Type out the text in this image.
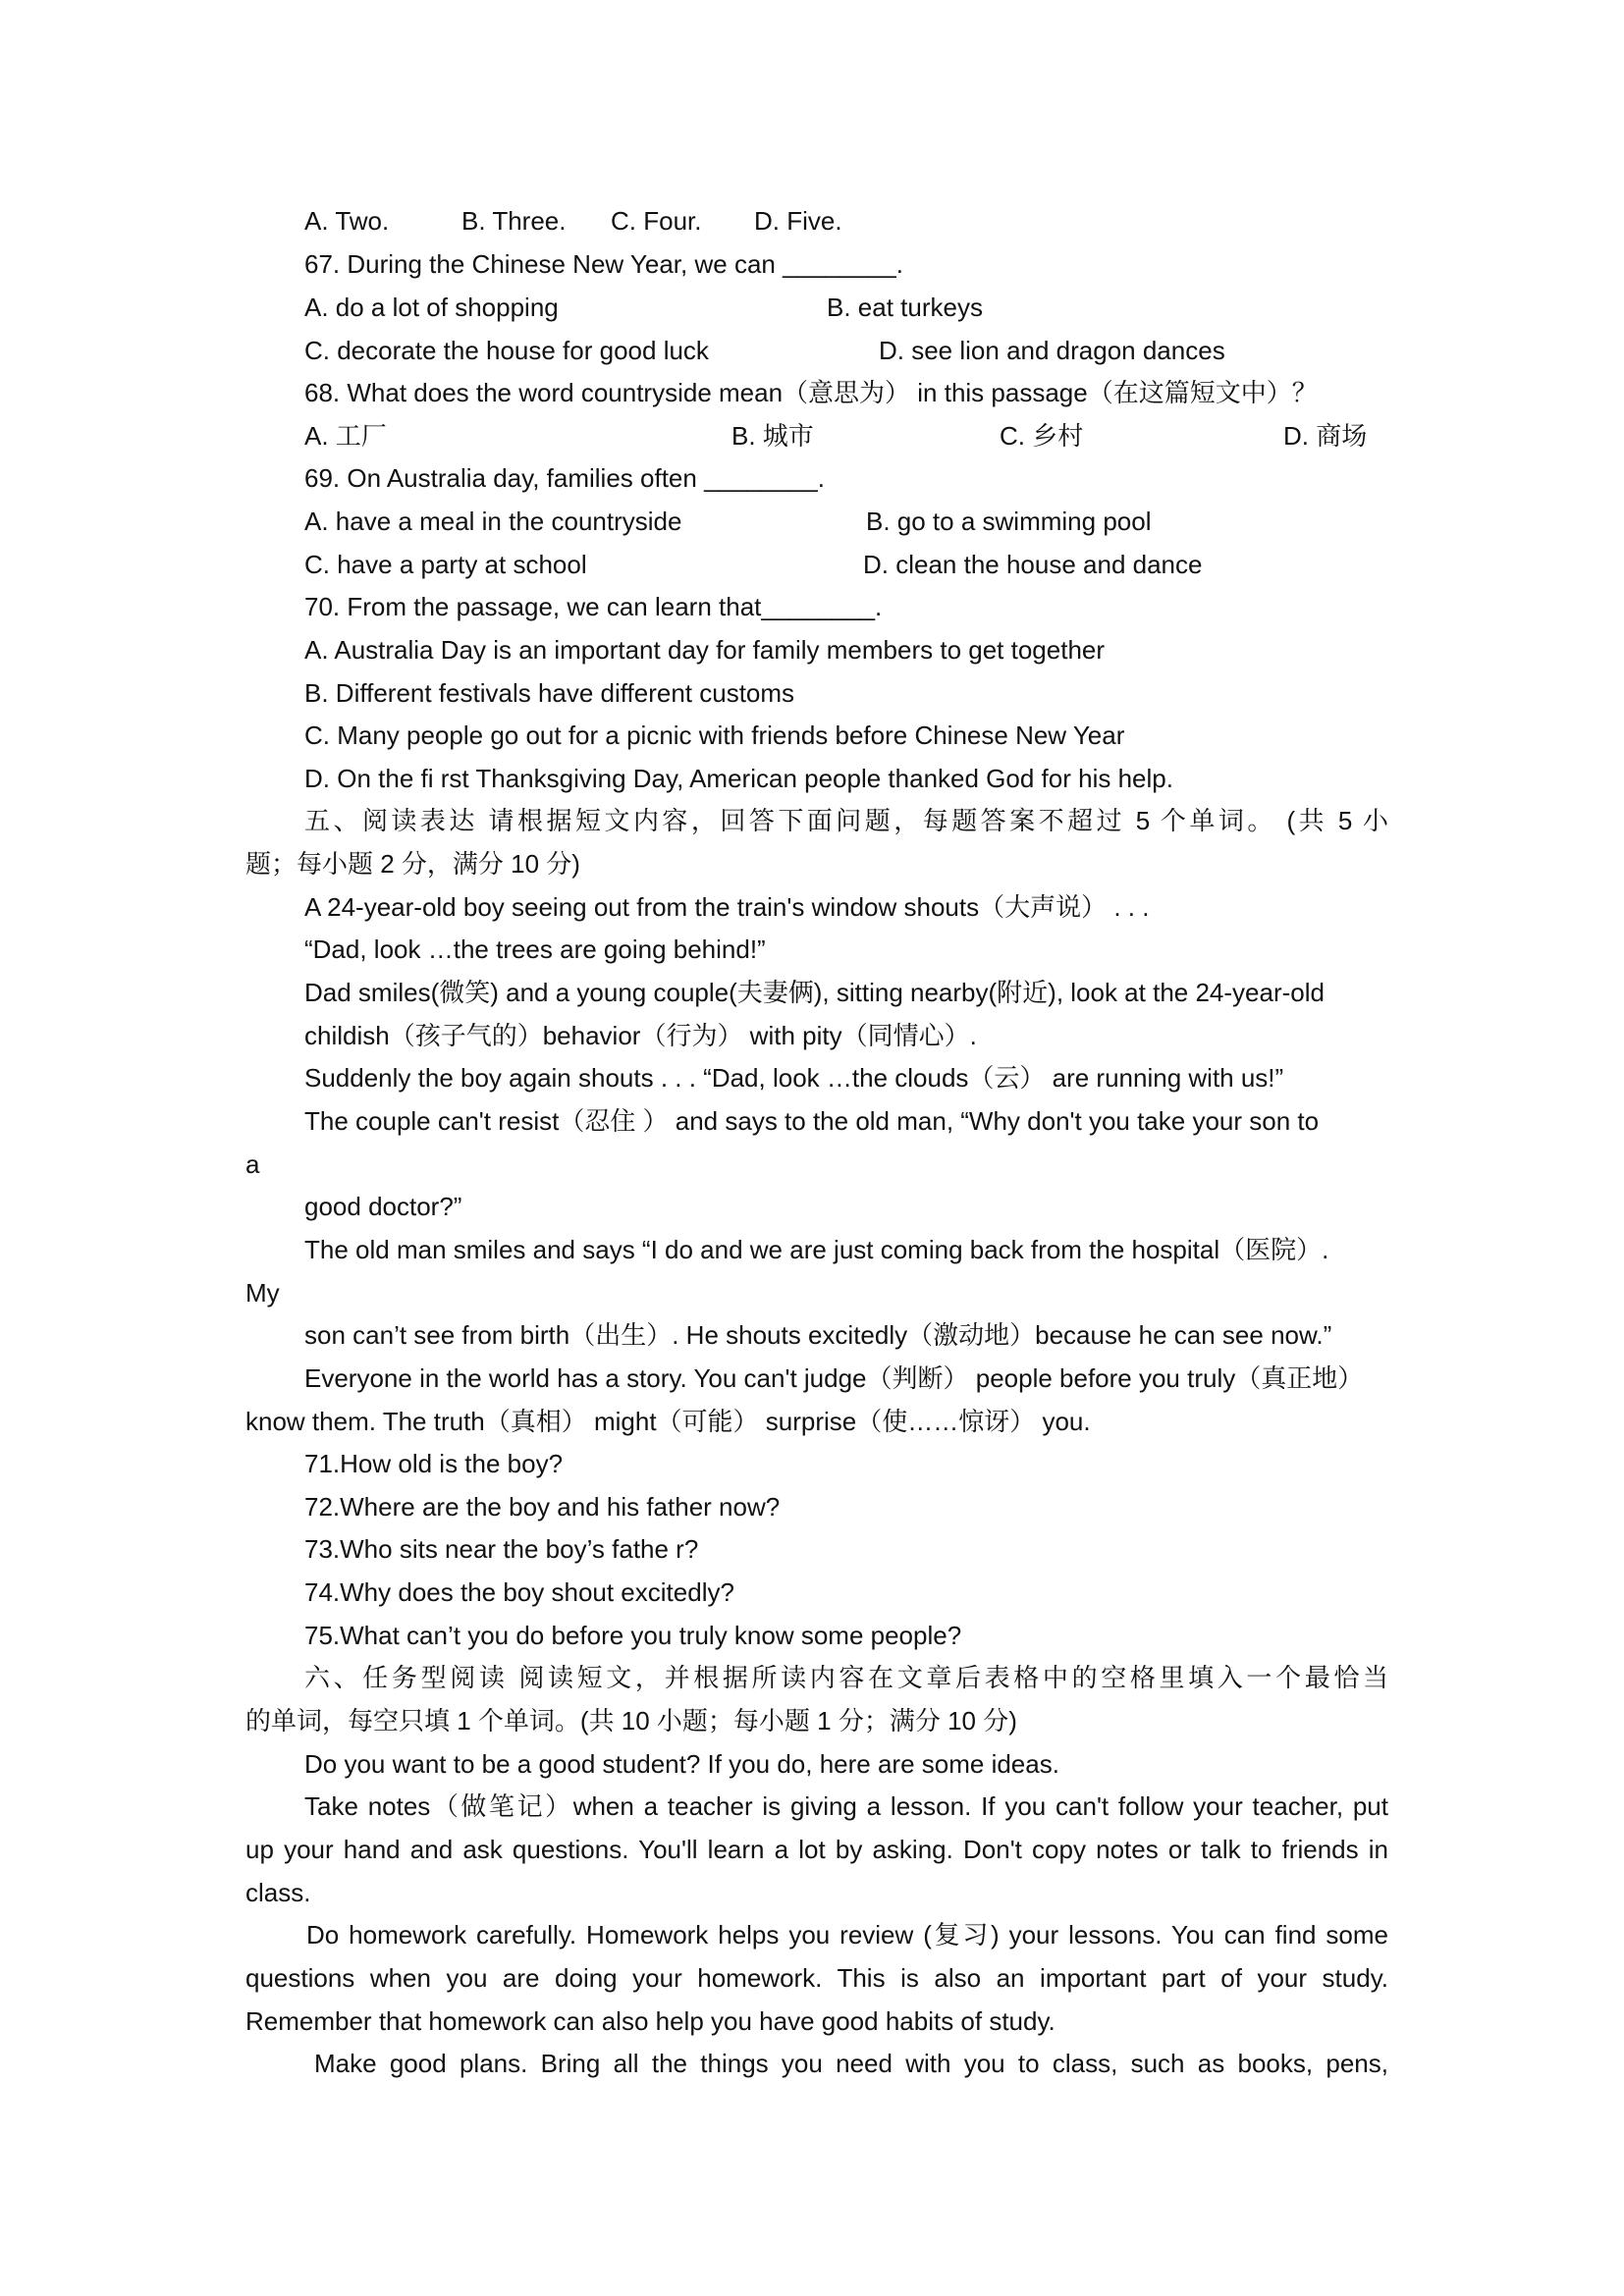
A. Two.	B. Three. C. Four. D. Five.
67. During the Chinese New Year, we can ________.
A. do a lot of shopping	B. eat turkeys
C. decorate the house for good luck	D. see lion and dragon dances
68. What does the word countryside mean（意思为） in this passage（在这篇短文中）？
A. 工厂	B. 城市	C. 乡村	D. 商场
69. On Australia day, families often ________.
A. have a meal in the countryside	B. go to a swimming pool
C. have a party at school	D. clean the house and dance
70. From the passage, we can learn that________.
A. Australia Day is an important day for family members to get together
B. Different festivals have different customs
C. Many people go out for a picnic with friends before Chinese New Year
D. On the fi rst Thanksgiving Day, American people thanked God for his help.
五、阅读表达 请根据短文内容，回答下面问题，每题答案不超过 5 个单词。 (共 5 小
题；每小题 2 分，满分 10 分)
A 24-year-old boy seeing out from the train's window shouts（大声说） . . .
“Dad, look …the trees are going behind!”
Dad smiles(微笑) and a young couple(夫妻俩), sitting nearby(附近), look at the 24-year-old
childish（孩子气的）behavior（行为） with pity（同情心）.
Suddenly the boy again shouts . . . “Dad, look …the clouds（云） are running with us!”
The couple can't resist（忍住 ） and says to the old man, “Why don't you take your son to
a
good doctor?”
The old man smiles and says “I do and we are just coming back from the hospital（医院）.
My
son can’t see from birth（出生）. He shouts excitedly（激动地）because he can see now.”
Everyone in the world has a story. You can't judge（判断） people before you truly（真正地）
know them. The truth（真相） might（可能） surprise（使……惊讶） you.
71.How old is the boy?
72.Where are the boy and his father now?
73.Who sits near the boy’s fathe r?
74.Why does the boy shout excitedly?
75.What can’t you do before you truly know some people?
六、任务型阅读 阅读短文，并根据所读内容在文章后表格中的空格里填入一个最恰当
的单词，每空只填 1 个单词。(共 10 小题；每小题 1 分；满分 10 分)
Do you want to be a good student? If you do, here are some ideas.
Take notes（做笔记）when a teacher is giving a lesson. If you can't follow your teacher, put
up your hand and ask questions. You'll learn a lot by asking. Don't copy notes or talk to friends in
class.
Do homework carefully. Homework helps you review (复习) your lessons. You can find some
questions when you are doing your homework. This is also an important part of your study.
Remember that homework can also help you have good habits of study.
Make good plans. Bring all the things you need with you to class, such as books, pens,
